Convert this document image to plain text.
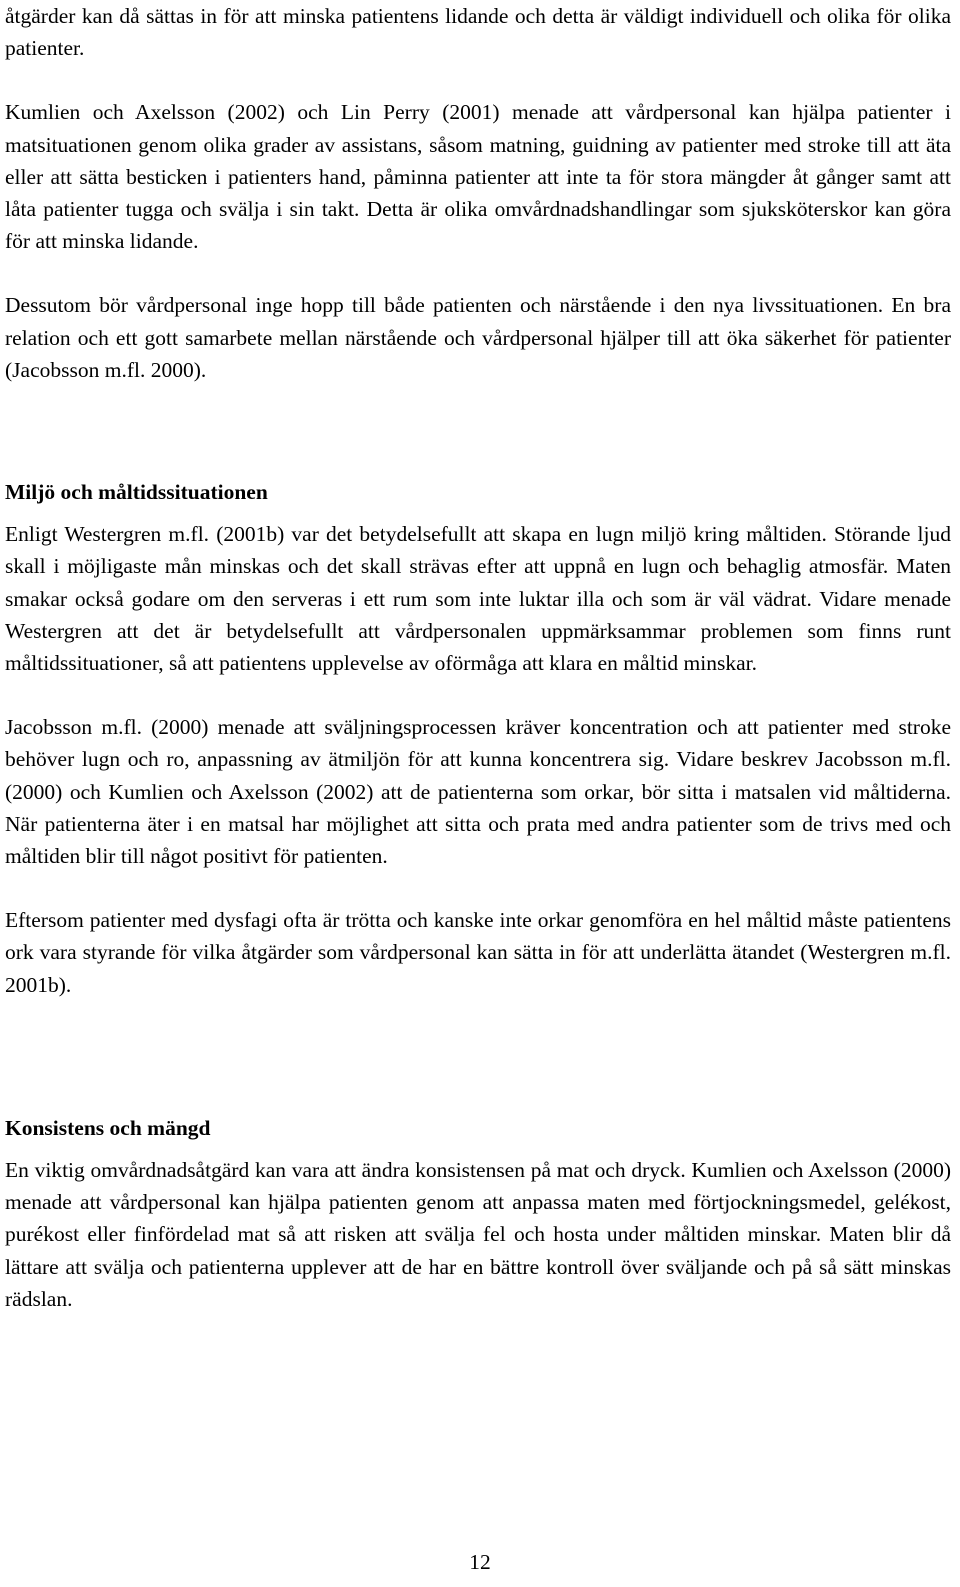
åtgärder kan då sättas in för att minska patientens lidande och detta är väldigt individuell och olika för olika patienter.

Kumlien och Axelsson (2002) och Lin Perry (2001) menade att vårdpersonal kan hjälpa patienter i matsituationen genom olika grader av assistans, såsom matning, guidning av patienter med stroke till att äta eller att sätta besticken i patienters hand, påminna patienter att inte ta för stora mängder åt gånger samt att låta patienter tugga och svälja i sin takt. Detta är olika omvårdnadshandlingar som sjuksköterskor kan göra för att minska lidande.

Dessutom bör vårdpersonal inge hopp till både patienten och närstående i den nya livssituationen. En bra relation och ett gott samarbete mellan närstående och vårdpersonal hjälper till att öka säkerhet för patienter (Jacobsson m.fl. 2000).

Miljö och måltidssituationen

Enligt Westergren m.fl. (2001b) var det betydelsefullt att skapa en lugn miljö kring måltiden. Störande ljud skall i möjligaste mån minskas och det skall strävas efter att uppnå en lugn och behaglig atmosfär. Maten smakar också godare om den serveras i ett rum som inte luktar illa och som är väl vädrat. Vidare menade Westergren att det är betydelsefullt att vårdpersonalen uppmärksammar problemen som finns runt måltidssituationer, så att patientens upplevelse av oförmåga att klara en måltid minskar.

Jacobsson m.fl. (2000) menade att sväljningsprocessen kräver koncentration och att patienter med stroke behöver lugn och ro, anpassning av ätmiljön för att kunna koncentrera sig. Vidare beskrev Jacobsson m.fl. (2000) och Kumlien och Axelsson (2002) att de patienterna som orkar, bör sitta i matsalen vid måltiderna. När patienterna äter i en matsal har möjlighet att sitta och prata med andra patienter som de trivs med och måltiden blir till något positivt för patienten.

Eftersom patienter med dysfagi ofta är trötta och kanske inte orkar genomföra en hel måltid måste patientens ork vara styrande för vilka åtgärder som vårdpersonal kan sätta in för att underlätta ätandet (Westergren m.fl. 2001b).

Konsistens och mängd

En viktig omvårdnadsåtgärd kan vara att ändra konsistensen på mat och dryck. Kumlien och Axelsson (2000) menade att vårdpersonal kan hjälpa patienten genom att anpassa maten med förtjockningsmedel, gelékost, purékost eller finfördelad mat så att risken att svälja fel och hosta under måltiden minskar. Maten blir då lättare att svälja och patienterna upplever att de har en bättre kontroll över sväljande och på så sätt minskas rädslan.

12
